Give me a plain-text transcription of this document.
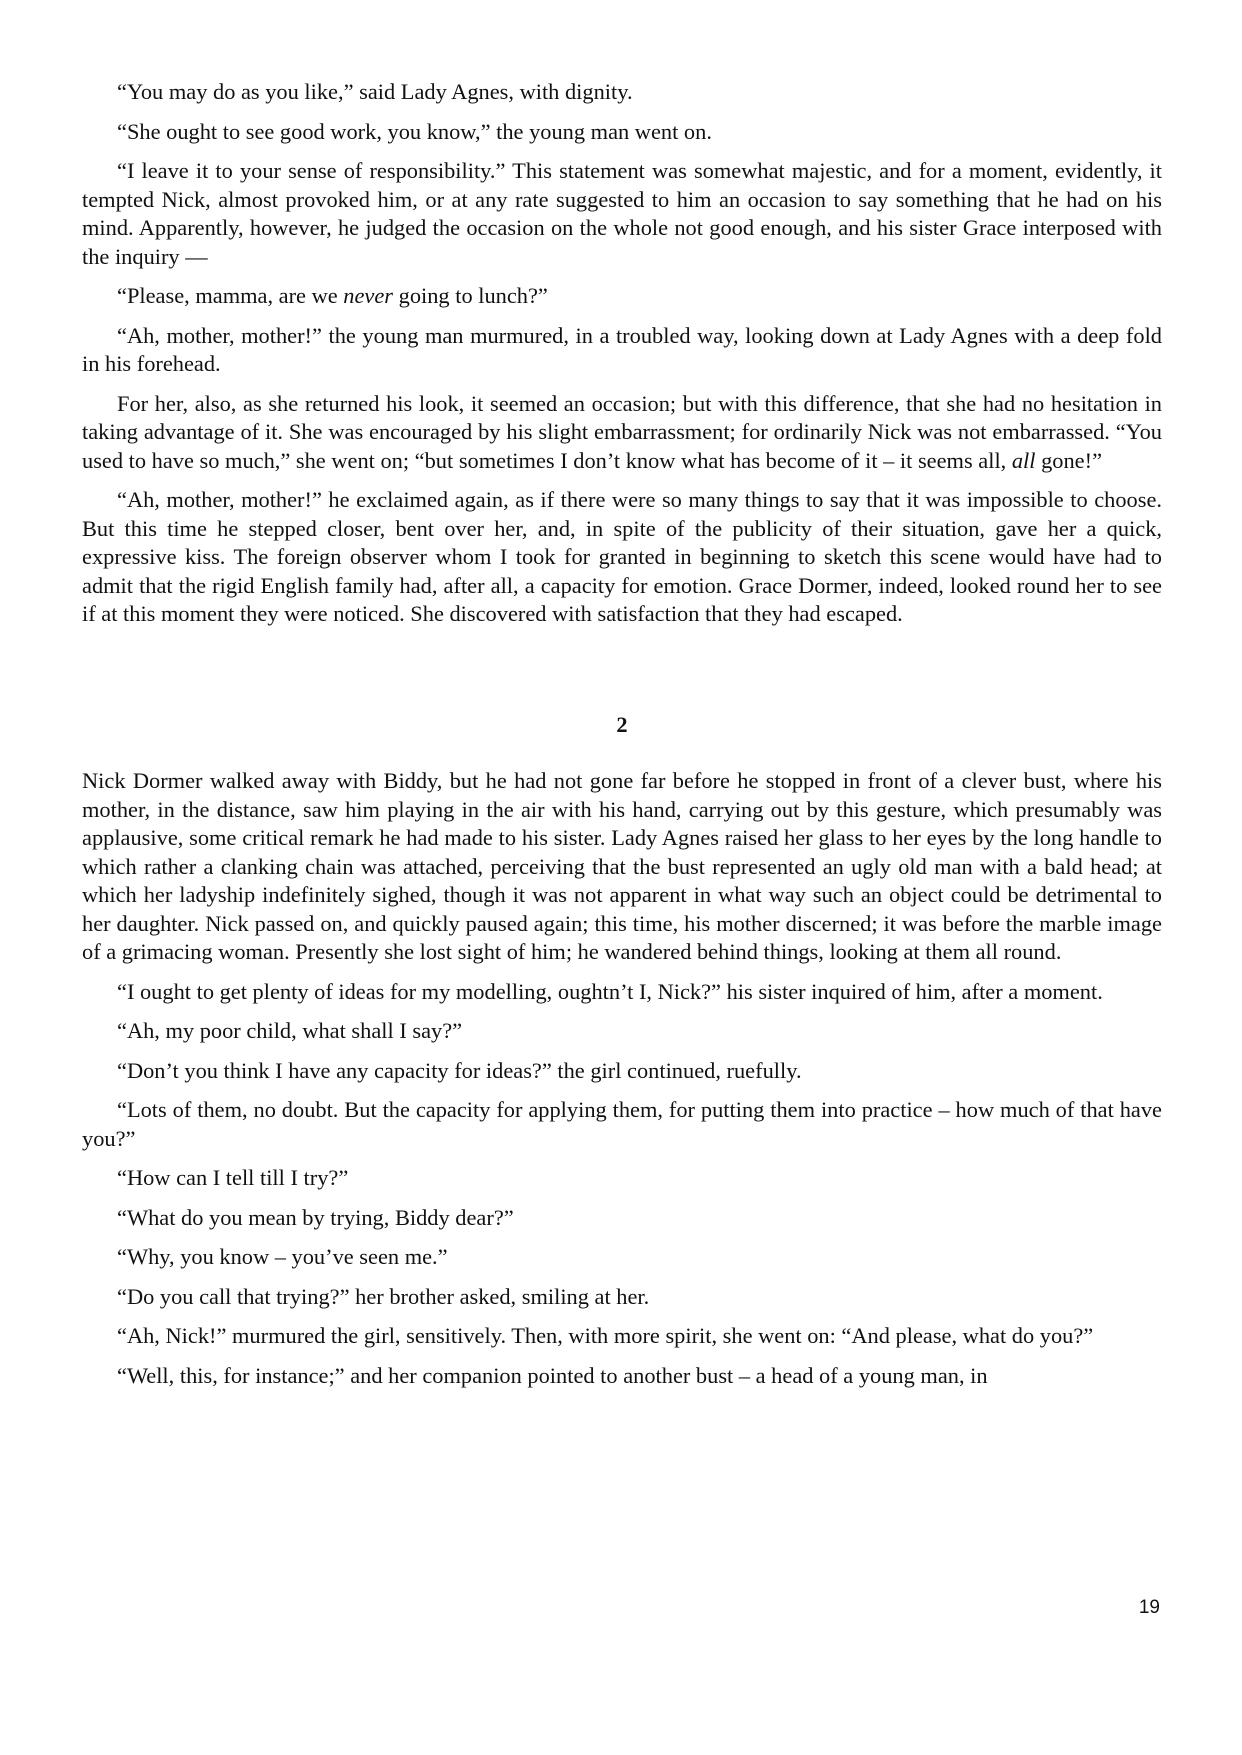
“You may do as you like,” said Lady Agnes, with dignity.

“She ought to see good work, you know,” the young man went on.

“I leave it to your sense of responsibility.” This statement was somewhat majestic, and for a moment, evidently, it tempted Nick, almost provoked him, or at any rate suggested to him an occasion to say something that he had on his mind. Apparently, however, he judged the occasion on the whole not good enough, and his sister Grace interposed with the inquiry —

“Please, mamma, are we never going to lunch?”

“Ah, mother, mother!” the young man murmured, in a troubled way, looking down at Lady Agnes with a deep fold in his forehead.

For her, also, as she returned his look, it seemed an occasion; but with this difference, that she had no hesitation in taking advantage of it. She was encouraged by his slight embarrassment; for ordinarily Nick was not embarrassed. “You used to have so much,” she went on; “but sometimes I don’t know what has become of it – it seems all, all gone!”

“Ah, mother, mother!” he exclaimed again, as if there were so many things to say that it was impossible to choose. But this time he stepped closer, bent over her, and, in spite of the publicity of their situation, gave her a quick, expressive kiss. The foreign observer whom I took for granted in beginning to sketch this scene would have had to admit that the rigid English family had, after all, a capacity for emotion. Grace Dormer, indeed, looked round her to see if at this moment they were noticed. She discovered with satisfaction that they had escaped.

2

Nick Dormer walked away with Biddy, but he had not gone far before he stopped in front of a clever bust, where his mother, in the distance, saw him playing in the air with his hand, carrying out by this gesture, which presumably was applausive, some critical remark he had made to his sister. Lady Agnes raised her glass to her eyes by the long handle to which rather a clanking chain was attached, perceiving that the bust represented an ugly old man with a bald head; at which her ladyship indefinitely sighed, though it was not apparent in what way such an object could be detrimental to her daughter. Nick passed on, and quickly paused again; this time, his mother discerned; it was before the marble image of a grimacing woman. Presently she lost sight of him; he wandered behind things, looking at them all round.

“I ought to get plenty of ideas for my modelling, oughtn’t I, Nick?” his sister inquired of him, after a moment.

“Ah, my poor child, what shall I say?”

“Don’t you think I have any capacity for ideas?” the girl continued, ruefully.

“Lots of them, no doubt. But the capacity for applying them, for putting them into practice – how much of that have you?”

“How can I tell till I try?”

“What do you mean by trying, Biddy dear?”

“Why, you know – you’ve seen me.”

“Do you call that trying?” her brother asked, smiling at her.

“Ah, Nick!” murmured the girl, sensitively. Then, with more spirit, she went on: “And please, what do you?”

“Well, this, for instance;” and her companion pointed to another bust – a head of a young man, in

19
